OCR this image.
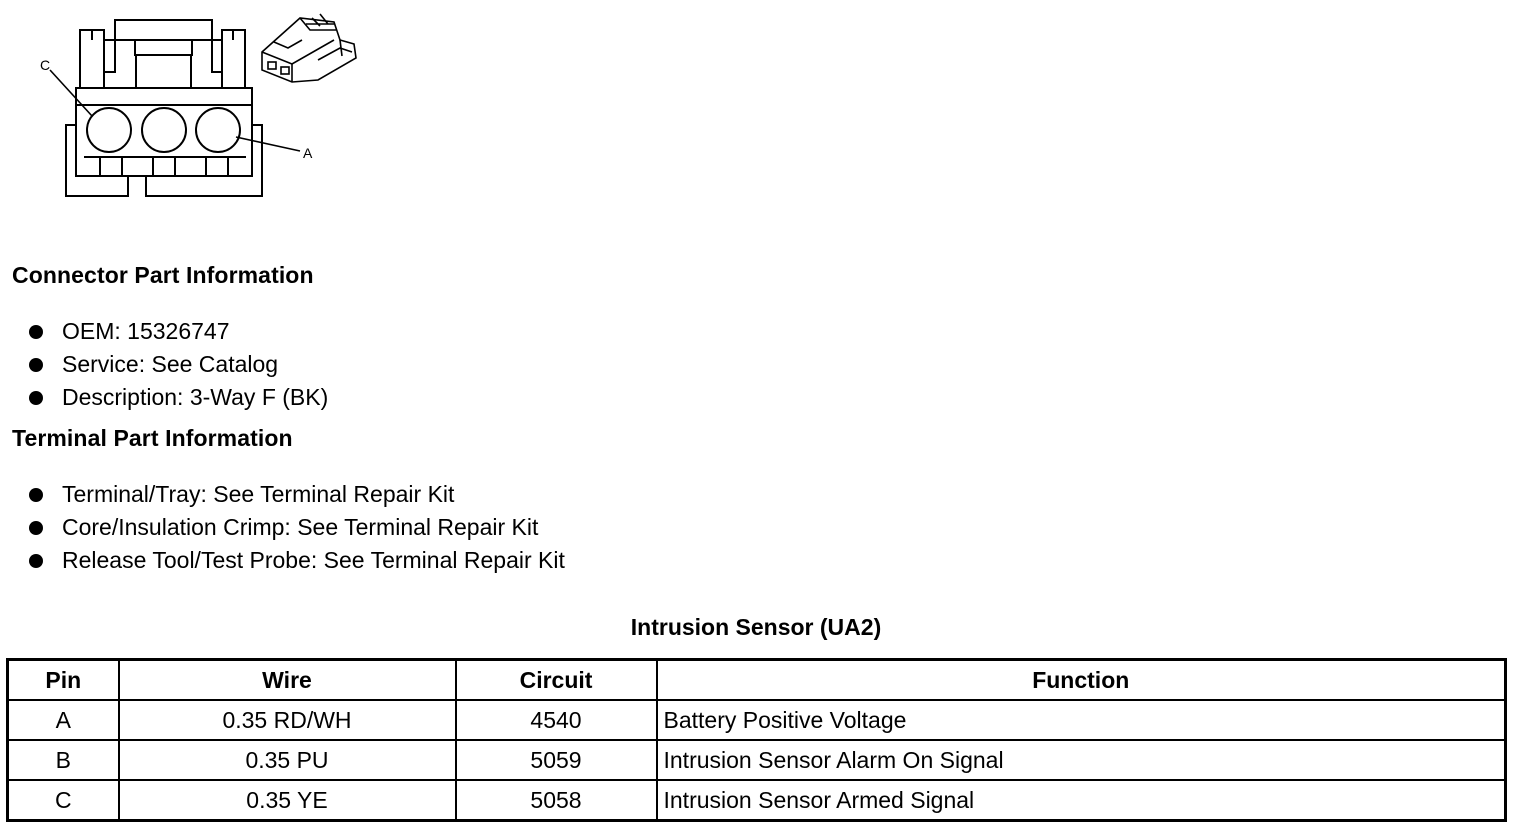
C
A
Connector Part Information
OEM: 15326747
Service: See Catalog
Description: 3-Way F (BK)
Terminal Part Information
Terminal/Tray: See Terminal Repair Kit
Core/Insulation Crimp: See Terminal Repair Kit
Release Tool/Test Probe: See Terminal Repair Kit
Intrusion Sensor (UA2)
Pin	Wire	Circuit	Function
A	0.35 RD/WH	4540	Battery Positive Voltage
B	0.35 PU	5059	Intrusion Sensor Alarm On Signal
C	0.35 YE	5058	Intrusion Sensor Armed Signal
